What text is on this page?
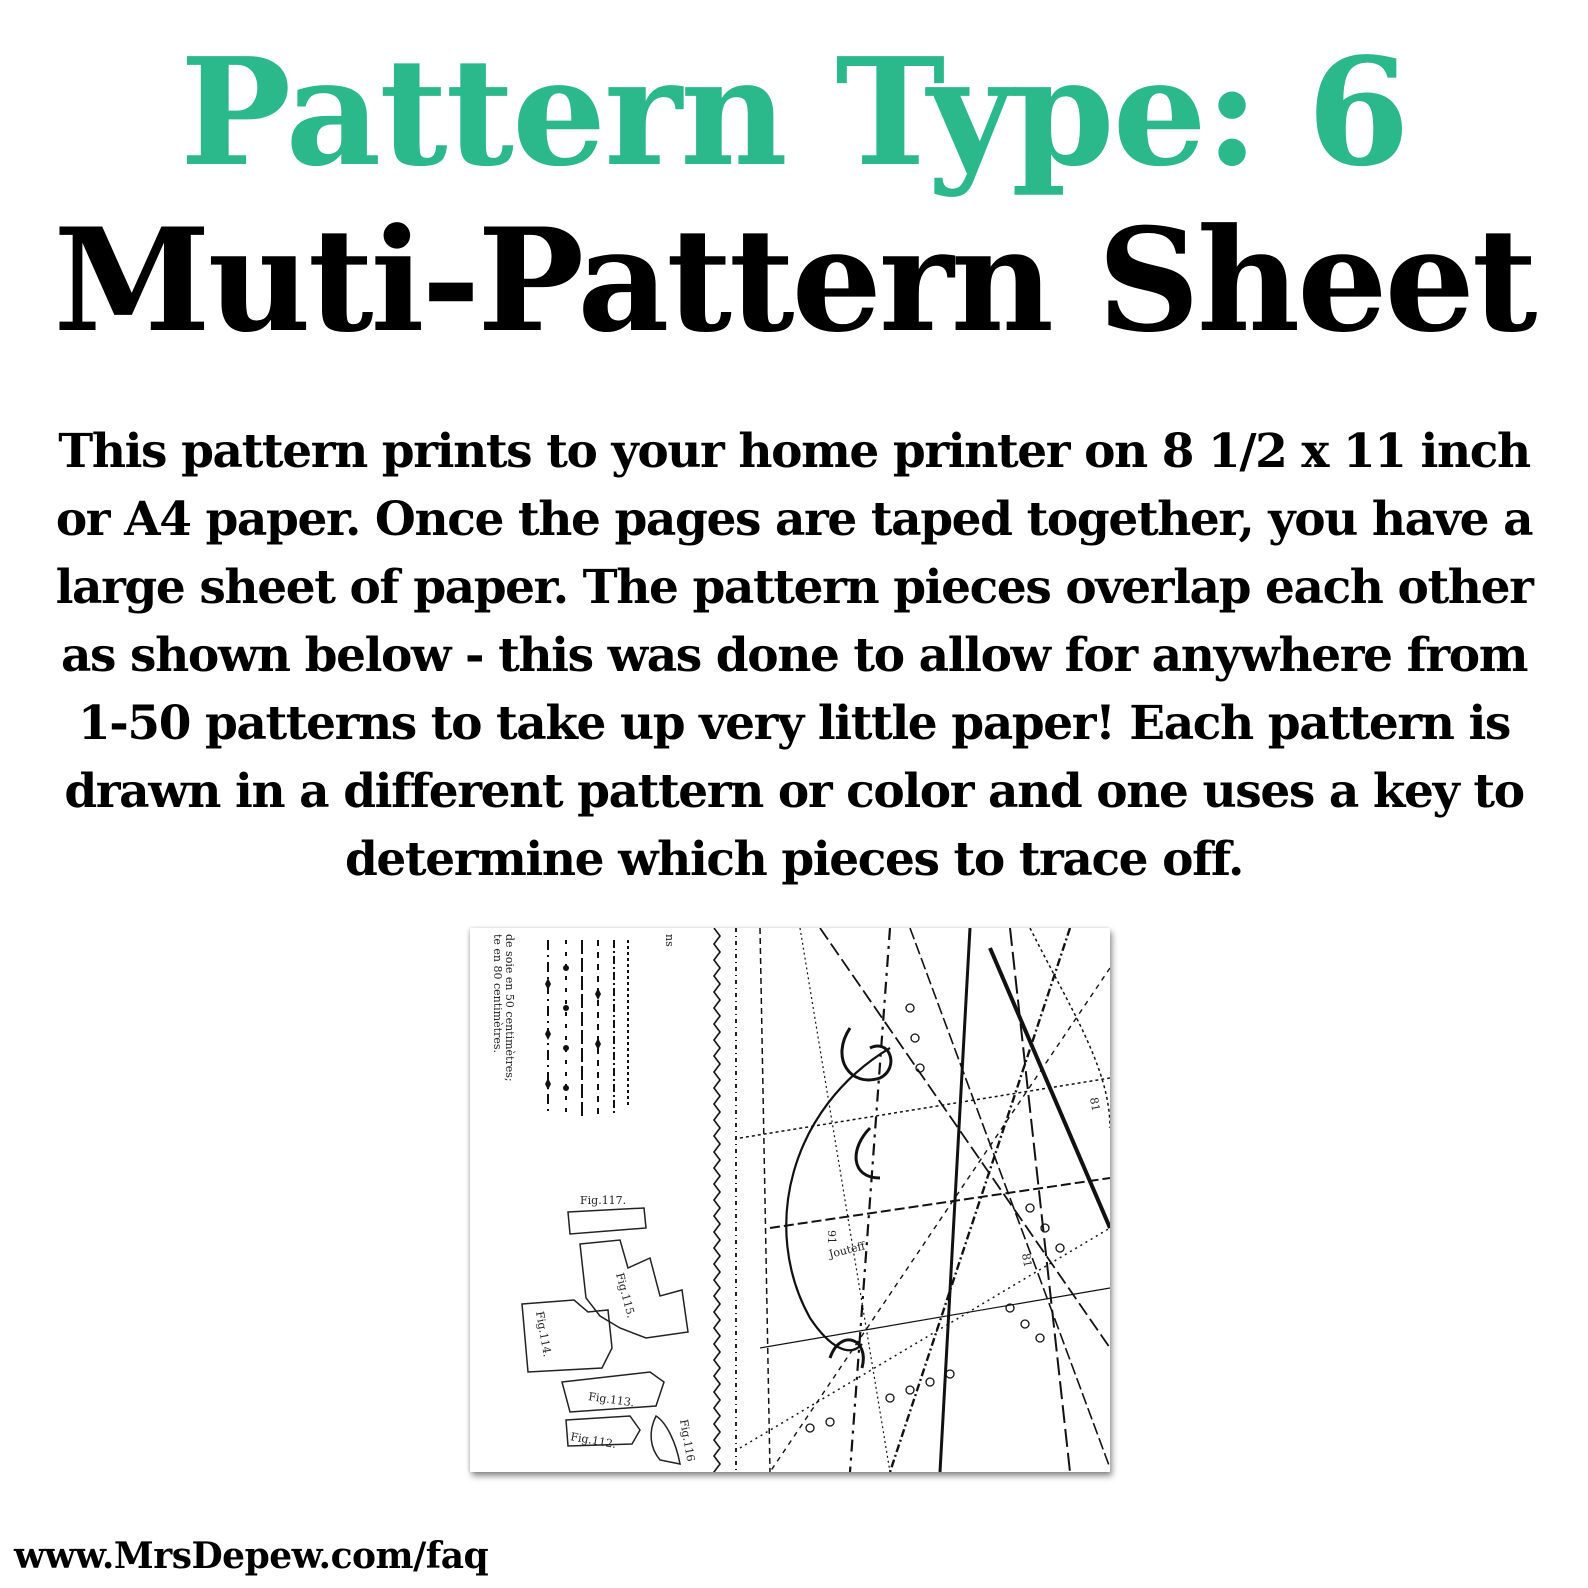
Pattern Type: 6
Muti-Pattern Sheet

This pattern prints to your home printer on 8 1/2 x 11 inch or A4 paper. Once the pages are taped together, you have a large sheet of paper. The pattern pieces overlap each other as shown below - this was done to allow for anywhere from 1-50 patterns to take up very little paper! Each pattern is drawn in a different pattern or color and one uses a key to determine which pieces to trace off.

de soie en 50 centimètres;
te en 80 centimètres.	ns
Fig.117.
Fig.115.
Fig.114.
Fig.113.
Fig.112.	Fig.116
Jouteff
91
81
81
www.MrsDepew.com/faq
